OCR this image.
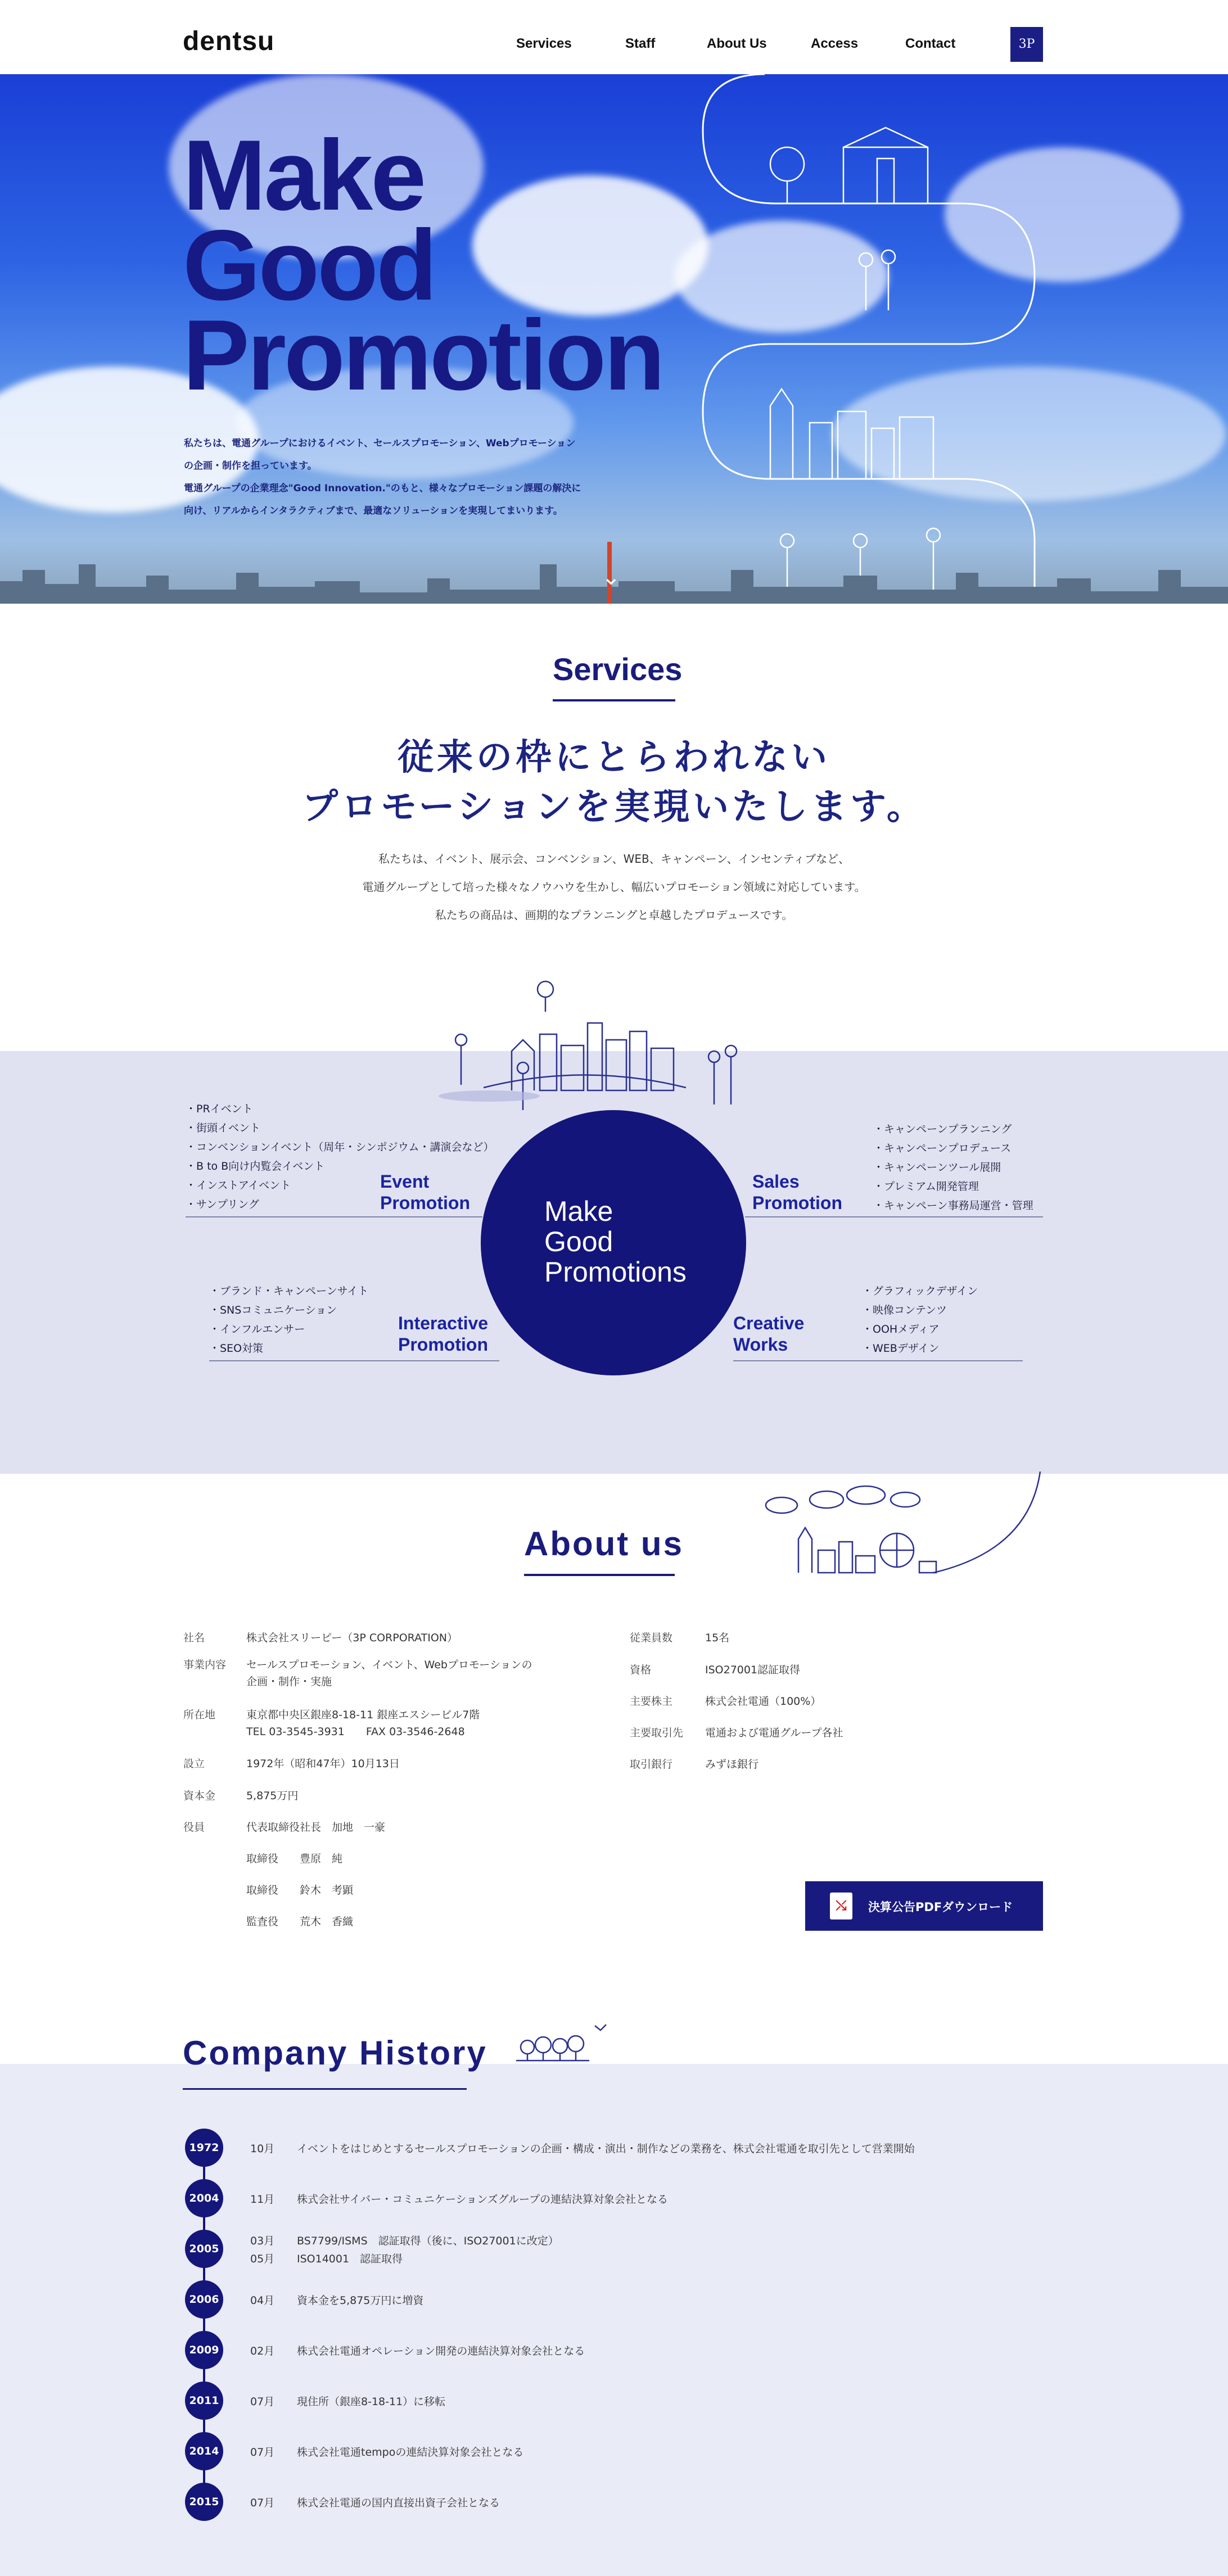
dentsu	Services	Staff	About Us	Access	Contact	3P
Make
Good
Promotion
私たちは、電通グループにおけるイベント、セールスプロモーション、Webプロモーション
の企画・制作を担っています。
電通グループの企業理念"Good Innovation."のもと、様々なプロモーション課題の解決に
向け、リアルからインタラクティブまで、最適なソリューションを実現してまいります。
⌄
Services
従来の枠にとらわれない
プロモーションを実現いたします。
私たちは、イベント、展示会、コンベンション、WEB、キャンペーン、インセンティブなど、
電通グループとして培った様々なノウハウを生かし、幅広いプロモーション領域に対応しています。
私たちの商品は、画期的なプランニングと卓越したプロデュースです。
Make
Good
Promotions
・PRイベント
・街頭イベント
・コンベンションイベント（周年・シンポジウム・講演会など）
・B to B向け内覧会イベント
・インストアイベント
・サンプリング
Event
Promotion
・キャンペーンプランニング
・キャンペーンプロデュース
・キャンペーンツール展開
・プレミアム開発管理
・キャンペーン事務局運営・管理
Sales
Promotion
・ブランド・キャンペーンサイト
・SNSコミュニケーション
・インフルエンサー
・SEO対策
Interactive
Promotion
・グラフィックデザイン
・映像コンテンツ
・OOHメディア
・WEBデザイン
Creative
Works
About us
社名	株式会社スリーピー（3P CORPORATION）
事業内容 セールスプロモーション、イベント、Webプロモーションの
企画・制作・実施
所在地	東京都中央区銀座8-18-11 銀座エスシービル7階
TEL 03-3545-3931　　FAX 03-3546-2648
設立	1972年（昭和47年）10月13日
資本金	5,875万円
役員	代表取締役社長　加地　一豪
取締役　　豊原　純
取締役　　鈴木　考顕
監査役　　荒木　香織
従業員数	15名
資格	ISO27001認証取得
主要株主	株式会社電通（100%）
主要取引先 電通および電通グループ各社
取引銀行	みずほ銀行
⤯ 決算公告PDFダウンロード
Company History
1972	10月 イベントをはじめとするセールスプロモーションの企画・構成・演出・制作などの業務を、株式会社電通を取引先として営業開始
2004	11月 株式会社サイバー・コミュニケーションズグループの連結決算対象会社となる
2005
03月 BS7799/ISMS　認証取得（後に、ISO27001に改定）
05月 ISO14001　認証取得
2006	04月 資本金を5,875万円に増資
2009	02月 株式会社電通オペレーション開発の連結決算対象会社となる
2011	07月 現住所（銀座8-18-11）に移転
2014	07月 株式会社電通tempoの連結決算対象会社となる
2015	07月 株式会社電通の国内直接出資子会社となる
